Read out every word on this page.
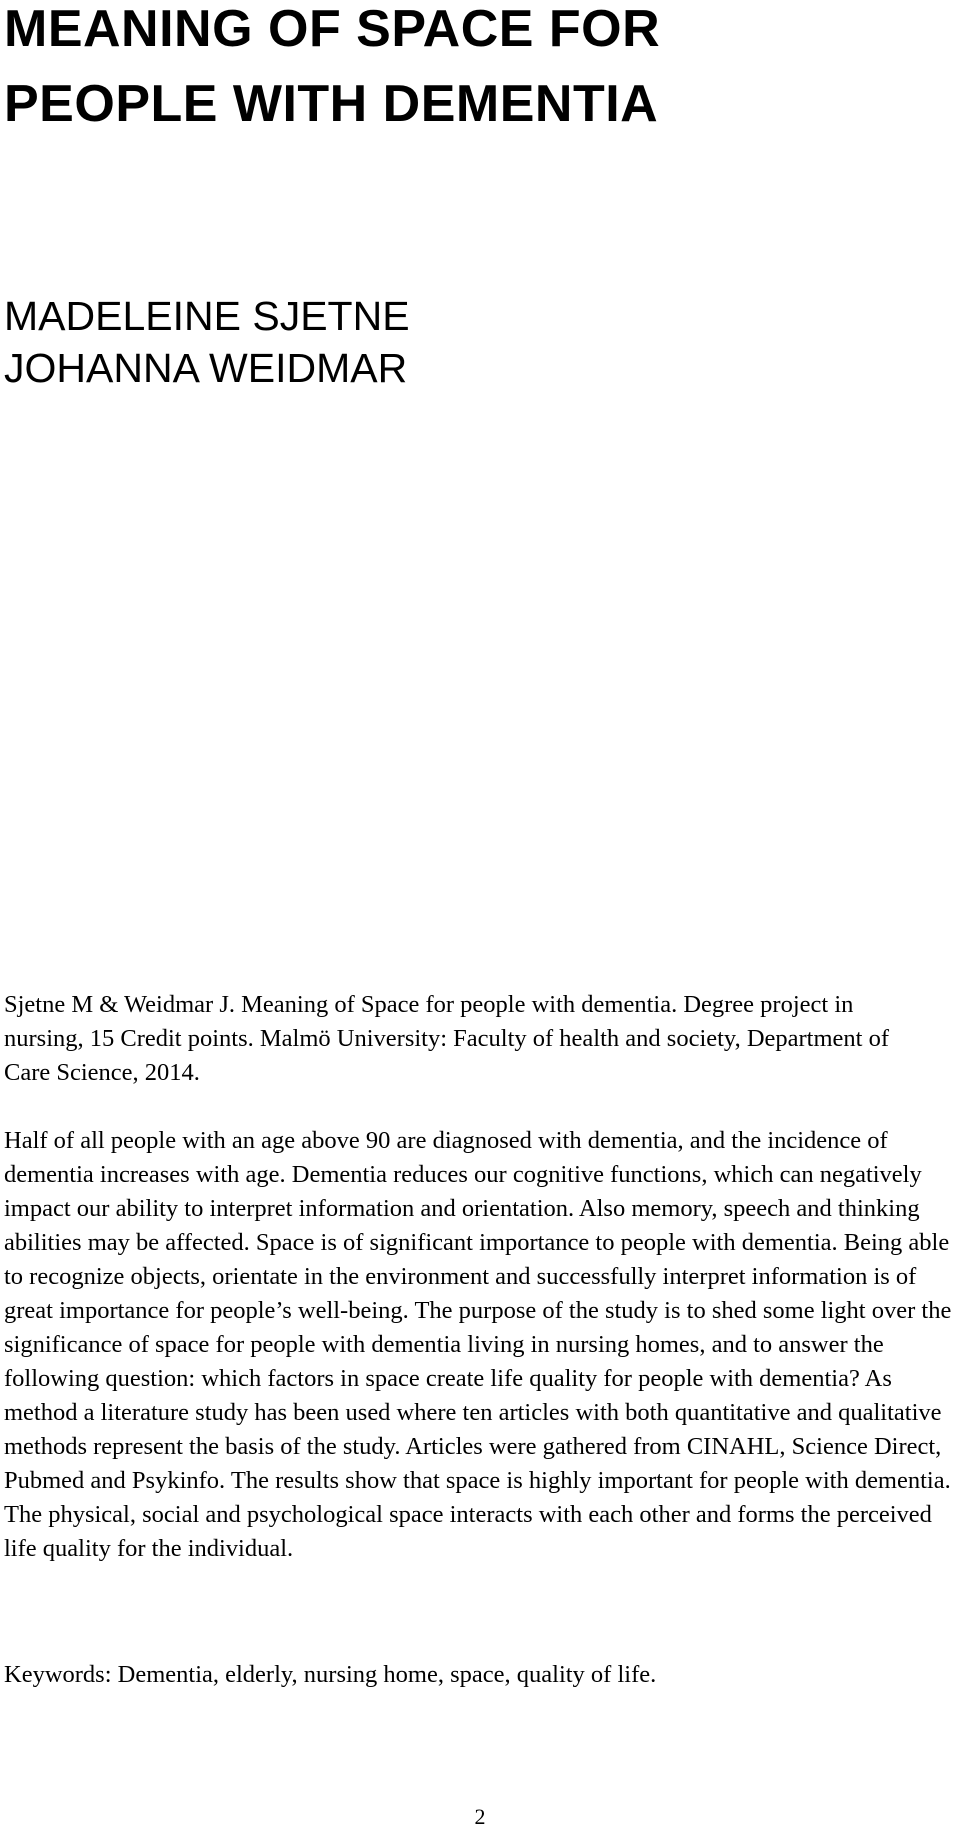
MEANING OF SPACE FOR
PEOPLE WITH DEMENTIA
MADELEINE SJETNE
JOHANNA WEIDMAR

Sjetne M & Weidmar J. Meaning of Space for people with dementia. Degree project in nursing, 15 Credit points. Malmö University: Faculty of health and society, Department of Care Science, 2014.

Half of all people with an age above 90 are diagnosed with dementia, and the incidence of dementia increases with age. Dementia reduces our cognitive functions, which can negatively impact our ability to interpret information and orientation. Also memory, speech and thinking abilities may be affected. Space is of significant importance to people with dementia. Being able to recognize objects, orientate in the environment and successfully interpret information is of great importance for people’s well-being. The purpose of the study is to shed some light over the significance of space for people with dementia living in nursing homes, and to answer the following question: which factors in space create life quality for people with dementia? As method a literature study has been used where ten articles with both quantitative and qualitative methods represent the basis of the study. Articles were gathered from CINAHL, Science Direct, Pubmed and Psykinfo. The results show that space is highly important for people with dementia. The physical, social and psychological space interacts with each other and forms the perceived life quality for the individual.

Keywords: Dementia, elderly, nursing home, space, quality of life.

2
